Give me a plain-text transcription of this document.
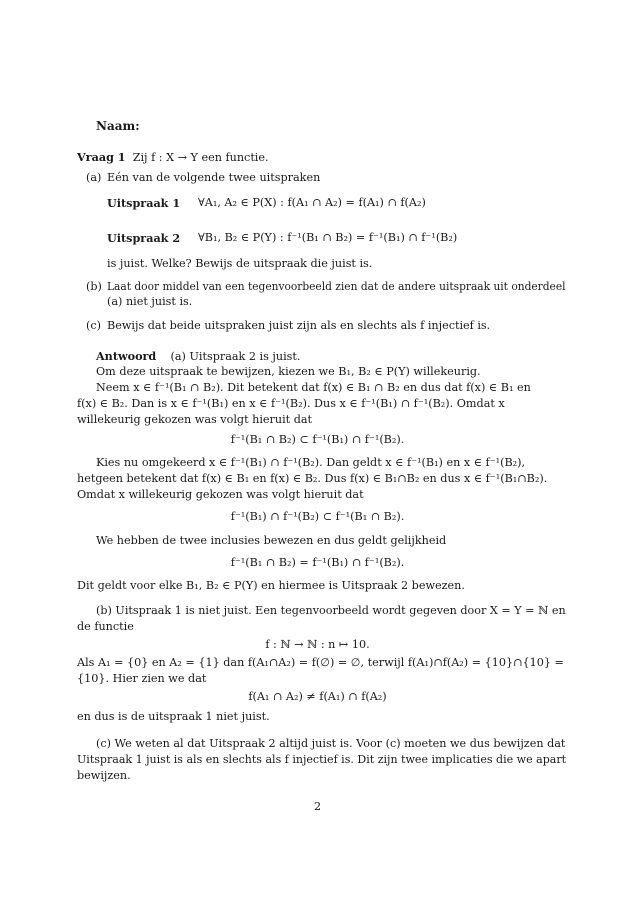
Naam:
Vraag 1 Zij f : X → Y een functie.
(a) Eén van de volgende twee uitspraken
Uitspraak 1 ∀A₁, A₂ ∈ P(X) : f(A₁ ∩ A₂) = f(A₁) ∩ f(A₂)
Uitspraak 2 ∀B₁, B₂ ∈ P(Y) : f⁻¹(B₁ ∩ B₂) = f⁻¹(B₁) ∩ f⁻¹(B₂)
is juist. Welke? Bewijs de uitspraak die juist is.
(b) Laat door middel van een tegenvoorbeeld zien dat de andere uitspraak uit onderdeel
(a) niet juist is.
(c) Bewijs dat beide uitspraken juist zijn als en slechts als f injectief is.
Antwoord (a) Uitspraak 2 is juist.
Om deze uitspraak te bewijzen, kiezen we B₁, B₂ ∈ P(Y) willekeurig.
Neem x ∈ f⁻¹(B₁ ∩ B₂). Dit betekent dat f(x) ∈ B₁ ∩ B₂ en dus dat f(x) ∈ B₁ en
f(x) ∈ B₂. Dan is x ∈ f⁻¹(B₁) en x ∈ f⁻¹(B₂). Dus x ∈ f⁻¹(B₁) ∩ f⁻¹(B₂). Omdat x
willekeurig gekozen was volgt hieruit dat
f⁻¹(B₁ ∩ B₂) ⊂ f⁻¹(B₁) ∩ f⁻¹(B₂).
Kies nu omgekeerd x ∈ f⁻¹(B₁) ∩ f⁻¹(B₂). Dan geldt x ∈ f⁻¹(B₁) en x ∈ f⁻¹(B₂),
hetgeen betekent dat f(x) ∈ B₁ en f(x) ∈ B₂. Dus f(x) ∈ B₁∩B₂ en dus x ∈ f⁻¹(B₁∩B₂).
Omdat x willekeurig gekozen was volgt hieruit dat
f⁻¹(B₁) ∩ f⁻¹(B₂) ⊂ f⁻¹(B₁ ∩ B₂).
We hebben de twee inclusies bewezen en dus geldt gelijkheid
f⁻¹(B₁ ∩ B₂) = f⁻¹(B₁) ∩ f⁻¹(B₂).
Dit geldt voor elke B₁, B₂ ∈ P(Y) en hiermee is Uitspraak 2 bewezen.
(b) Uitspraak 1 is niet juist. Een tegenvoorbeeld wordt gegeven door X = Y = ℕ en
de functie
f : ℕ → ℕ : n ↦ 10.
Als A₁ = {0} en A₂ = {1} dan f(A₁∩A₂) = f(∅) = ∅, terwijl f(A₁)∩f(A₂) = {10}∩{10} =
{10}. Hier zien we dat
f(A₁ ∩ A₂) ≠ f(A₁) ∩ f(A₂)
en dus is de uitspraak 1 niet juist.
(c) We weten al dat Uitspraak 2 altijd juist is. Voor (c) moeten we dus bewijzen dat
Uitspraak 1 juist is als en slechts als f injectief is. Dit zijn twee implicaties die we apart
bewijzen.
2
